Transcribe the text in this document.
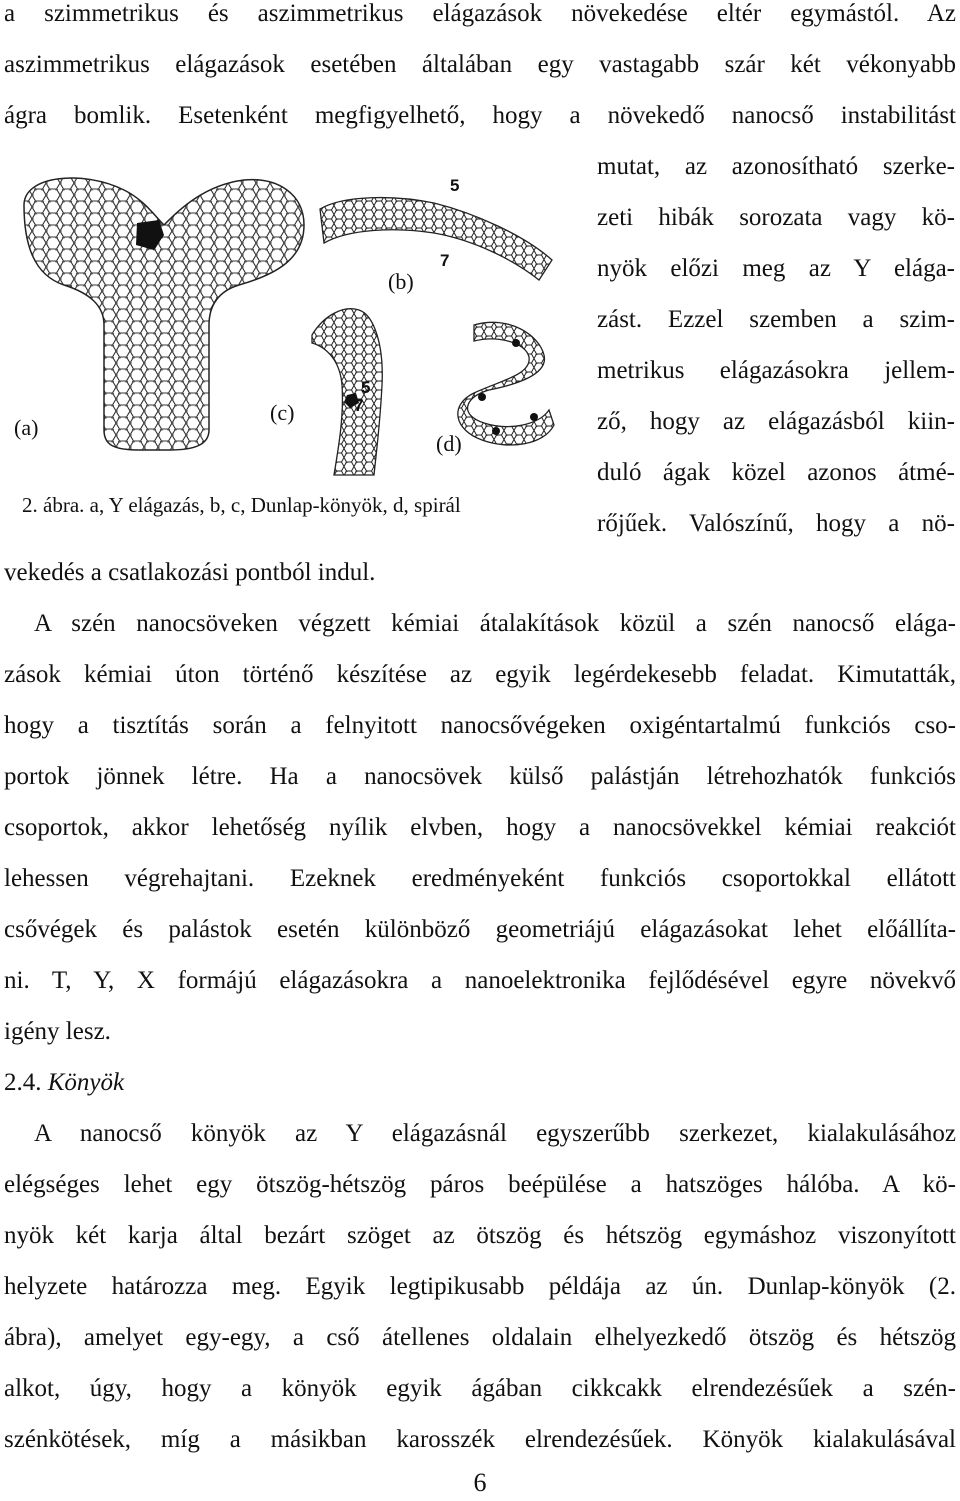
a szimmetrikus és aszimmetrikus elágazások növekedése eltér egymástól. Az

aszimmetrikus elágazások esetében általában egy vastagabb szár két vékonyabb

ágra bomlik. Esetenként megfigyelhető, hogy a növekedő nanocső instabilitást

5
7
(b)
7
5
(c)
(d)
(a)

mutat, az azonosítható szerke-

zeti hibák sorozata vagy kö-

nyök előzi meg az Y elága-

zást. Ezzel szemben a szim-

metrikus elágazásokra jellem-

ző, hogy az elágazásból kiin-

duló ágak közel azonos átmé-

rőjűek. Valószínű, hogy a nö-

2. ábra. a, Y elágazás, b, c, Dunlap-könyök, d, spirál

vekedés a csatlakozási pontból indul.

A szén nanocsöveken végzett kémiai átalakítások közül a szén nanocső elága-

zások kémiai úton történő készítése az egyik legérdekesebb feladat. Kimutatták,

hogy a tisztítás során a felnyitott nanocsővégeken oxigéntartalmú funkciós cso-

portok jönnek létre. Ha a nanocsövek külső palástján létrehozhatók funkciós

csoportok, akkor lehetőség nyílik elvben, hogy a nanocsövekkel kémiai reakciót

lehessen végrehajtani. Ezeknek eredményeként funkciós csoportokkal ellátott

csővégek és palástok esetén különböző geometriájú elágazásokat lehet előállíta-

ni. T, Y, X formájú elágazásokra a nanoelektronika fejlődésével egyre növekvő

igény lesz.

2.4. Könyök

A nanocső könyök az Y elágazásnál egyszerűbb szerkezet, kialakulásához

elégséges lehet egy ötszög-hétszög páros beépülése a hatszöges hálóba. A kö-

nyök két karja által bezárt szöget az ötszög és hétszög egymáshoz viszonyított

helyzete határozza meg. Egyik legtipikusabb példája az ún. Dunlap-könyök (2.

ábra), amelyet egy-egy, a cső átellenes oldalain elhelyezkedő ötszög és hétszög

alkot, úgy, hogy a könyök egyik ágában cikkcakk elrendezésűek a szén-

szénkötések, míg a másikban karosszék elrendezésűek. Könyök kialakulásával

6
